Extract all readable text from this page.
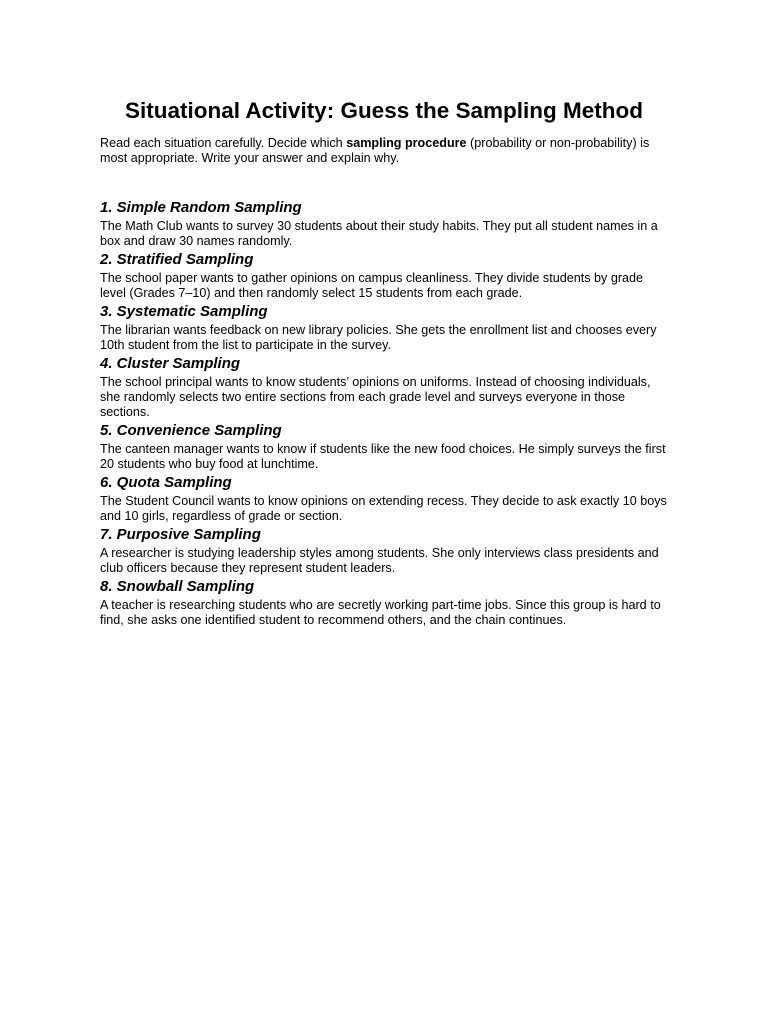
Situational Activity: Guess the Sampling Method

Read each situation carefully. Decide which sampling procedure (probability or non-probability) is most appropriate. Write your answer and explain why.

1. Simple Random Sampling

The Math Club wants to survey 30 students about their study habits. They put all student names in a box and draw 30 names randomly.

2. Stratified Sampling

The school paper wants to gather opinions on campus cleanliness. They divide students by grade level (Grades 7–10) and then randomly select 15 students from each grade.

3. Systematic Sampling

The librarian wants feedback on new library policies. She gets the enrollment list and chooses every 10th student from the list to participate in the survey.

4. Cluster Sampling

The school principal wants to know students’ opinions on uniforms. Instead of choosing individuals, she randomly selects two entire sections from each grade level and surveys everyone in those sections.

5. Convenience Sampling

The canteen manager wants to know if students like the new food choices. He simply surveys the first 20 students who buy food at lunchtime.

6. Quota Sampling

The Student Council wants to know opinions on extending recess. They decide to ask exactly 10 boys and 10 girls, regardless of grade or section.

7. Purposive Sampling

A researcher is studying leadership styles among students. She only interviews class presidents and club officers because they represent student leaders.

8. Snowball Sampling

A teacher is researching students who are secretly working part-time jobs. Since this group is hard to find, she asks one identified student to recommend others, and the chain continues.
